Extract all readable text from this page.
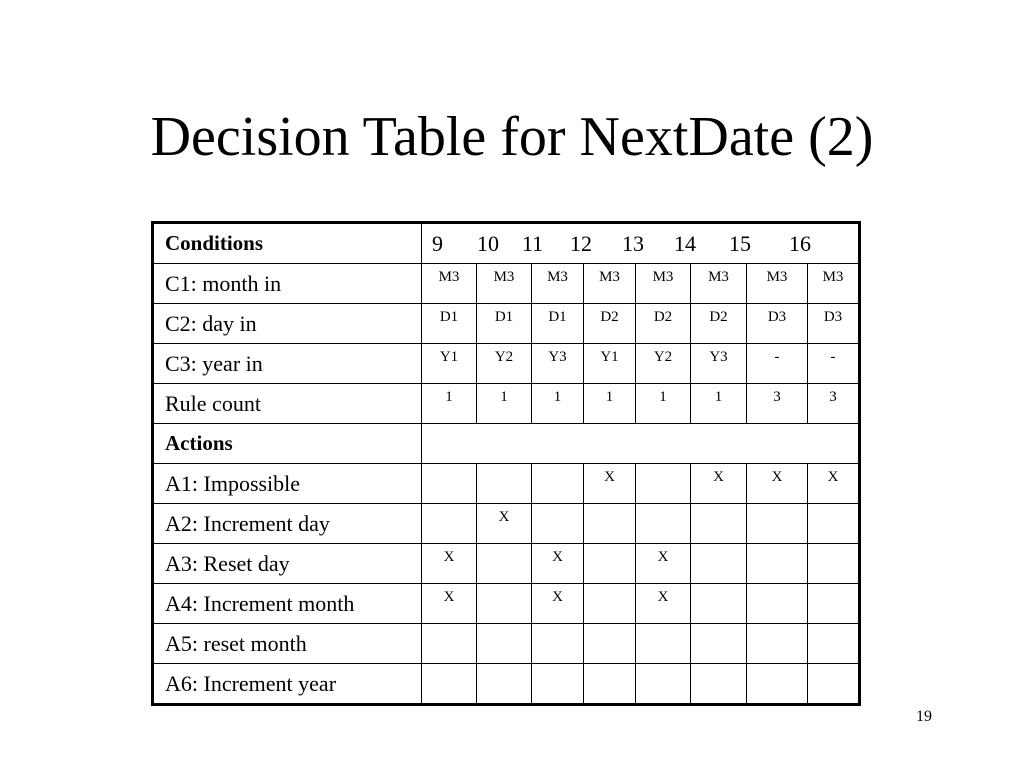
Decision Table for NextDate (2)
Conditions	9 10 11 12 13 14 15 16							
C1: month in	M3	M3	M3	M3	M3	M3	M3	M3
C2: day in	D1	D1	D1	D2	D2	D2	D3	D3
C3: year in	Y1	Y2	Y3	Y1	Y2	Y3	-	-
Rule count	1	1	1	1	1	1	3	3
Actions								
A1: Impossible				X		X	X	X
A2: Increment day		X						
A3: Reset day	X		X		X			
A4: Increment month	X		X		X			
A5: reset month								
A6: Increment year								
19
